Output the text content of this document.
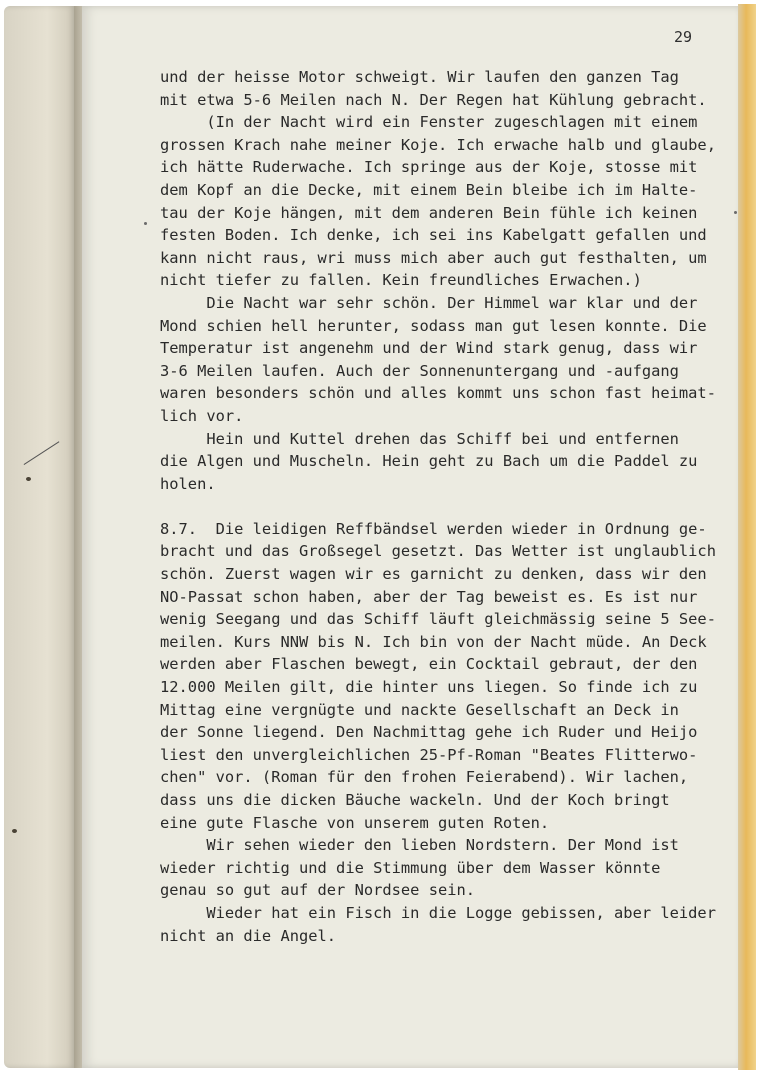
29
und der heisse Motor schweigt. Wir laufen den ganzen Tag
mit etwa 5-6 Meilen nach N. Der Regen hat Kühlung gebracht.
(In der Nacht wird ein Fenster zugeschlagen mit einem
grossen Krach nahe meiner Koje. Ich erwache halb und glaube,
ich hätte Ruderwache. Ich springe aus der Koje, stosse mit
dem Kopf an die Decke, mit einem Bein bleibe ich im Halte-
tau der Koje hängen, mit dem anderen Bein fühle ich keinen
festen Boden. Ich denke, ich sei ins Kabelgatt gefallen und
kann nicht raus, wri muss mich aber auch gut festhalten, um
nicht tiefer zu fallen. Kein freundliches Erwachen.)
Die Nacht war sehr schön. Der Himmel war klar und der
Mond schien hell herunter, sodass man gut lesen konnte. Die
Temperatur ist angenehm und der Wind stark genug, dass wir
3-6 Meilen laufen. Auch der Sonnenuntergang und -aufgang
waren besonders schön und alles kommt uns schon fast heimat-
lich vor.
Hein und Kuttel drehen das Schiff bei und entfernen
die Algen und Muscheln. Hein geht zu Bach um die Paddel zu
holen.
8.7.  Die leidigen Reffbändsel werden wieder in Ordnung ge-
bracht und das Großsegel gesetzt. Das Wetter ist unglaublich
schön. Zuerst wagen wir es garnicht zu denken, dass wir den
NO-Passat schon haben, aber der Tag beweist es. Es ist nur
wenig Seegang und das Schiff läuft gleichmässig seine 5 See-
meilen. Kurs NNW bis N. Ich bin von der Nacht müde. An Deck
werden aber Flaschen bewegt, ein Cocktail gebraut, der den
12.000 Meilen gilt, die hinter uns liegen. So finde ich zu
Mittag eine vergnügte und nackte Gesellschaft an Deck in
der Sonne liegend. Den Nachmittag gehe ich Ruder und Heijo
liest den unvergleichlichen 25-Pf-Roman "Beates Flitterwo-
chen" vor. (Roman für den frohen Feierabend). Wir lachen,
dass uns die dicken Bäuche wackeln. Und der Koch bringt
eine gute Flasche von unserem guten Roten.
Wir sehen wieder den lieben Nordstern. Der Mond ist
wieder richtig und die Stimmung über dem Wasser könnte
genau so gut auf der Nordsee sein.
Wieder hat ein Fisch in die Logge gebissen, aber leider
nicht an die Angel.
